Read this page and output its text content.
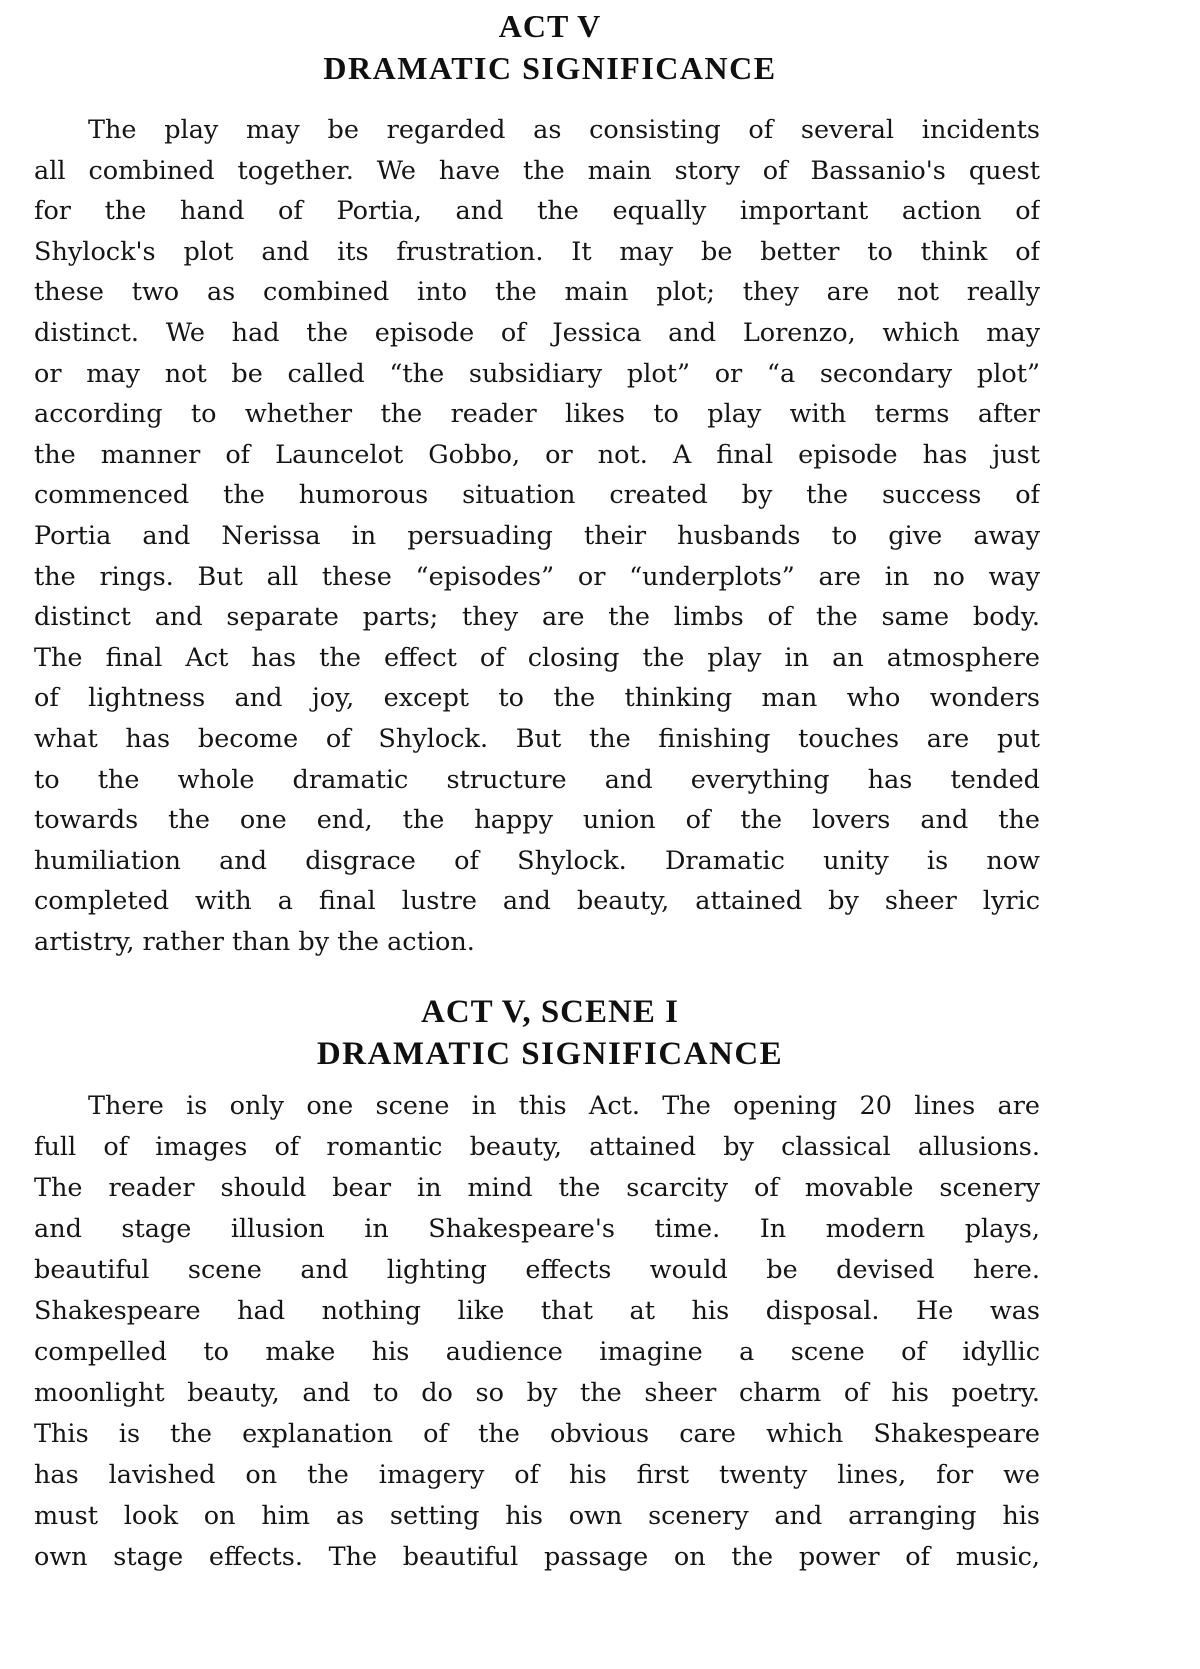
ACT V
DRAMATIC SIGNIFICANCE
The play may be regarded as consisting of several incidents
all combined together. We have the main story of Bassanio's quest
for the hand of Portia, and the equally important action of
Shylock's plot and its frustration. It may be better to think of
these two as combined into the main plot; they are not really
distinct. We had the episode of Jessica and Lorenzo, which may
or may not be called “the subsidiary plot” or “a secondary plot”
according to whether the reader likes to play with terms after
the manner of Launcelot Gobbo, or not. A final episode has just
commenced the humorous situation created by the success of
Portia and Nerissa in persuading their husbands to give away
the rings. But all these “episodes” or “underplots” are in no way
distinct and separate parts; they are the limbs of the same body.
The final Act has the effect of closing the play in an atmosphere
of lightness and joy, except to the thinking man who wonders
what has become of Shylock. But the finishing touches are put
to the whole dramatic structure and everything has tended
towards the one end, the happy union of the lovers and the
humiliation and disgrace of Shylock. Dramatic unity is now
completed with a final lustre and beauty, attained by sheer lyric
artistry, rather than by the action.
ACT V, SCENE I
DRAMATIC SIGNIFICANCE
There is only one scene in this Act. The opening 20 lines are
full of images of romantic beauty, attained by classical allusions.
The reader should bear in mind the scarcity of movable scenery
and stage illusion in Shakespeare's time. In modern plays,
beautiful scene and lighting effects would be devised here.
Shakespeare had nothing like that at his disposal. He was
compelled to make his audience imagine a scene of idyllic
moonlight beauty, and to do so by the sheer charm of his poetry.
This is the explanation of the obvious care which Shakespeare
has lavished on the imagery of his first twenty lines, for we
must look on him as setting his own scenery and arranging his
own stage effects. The beautiful passage on the power of music,
